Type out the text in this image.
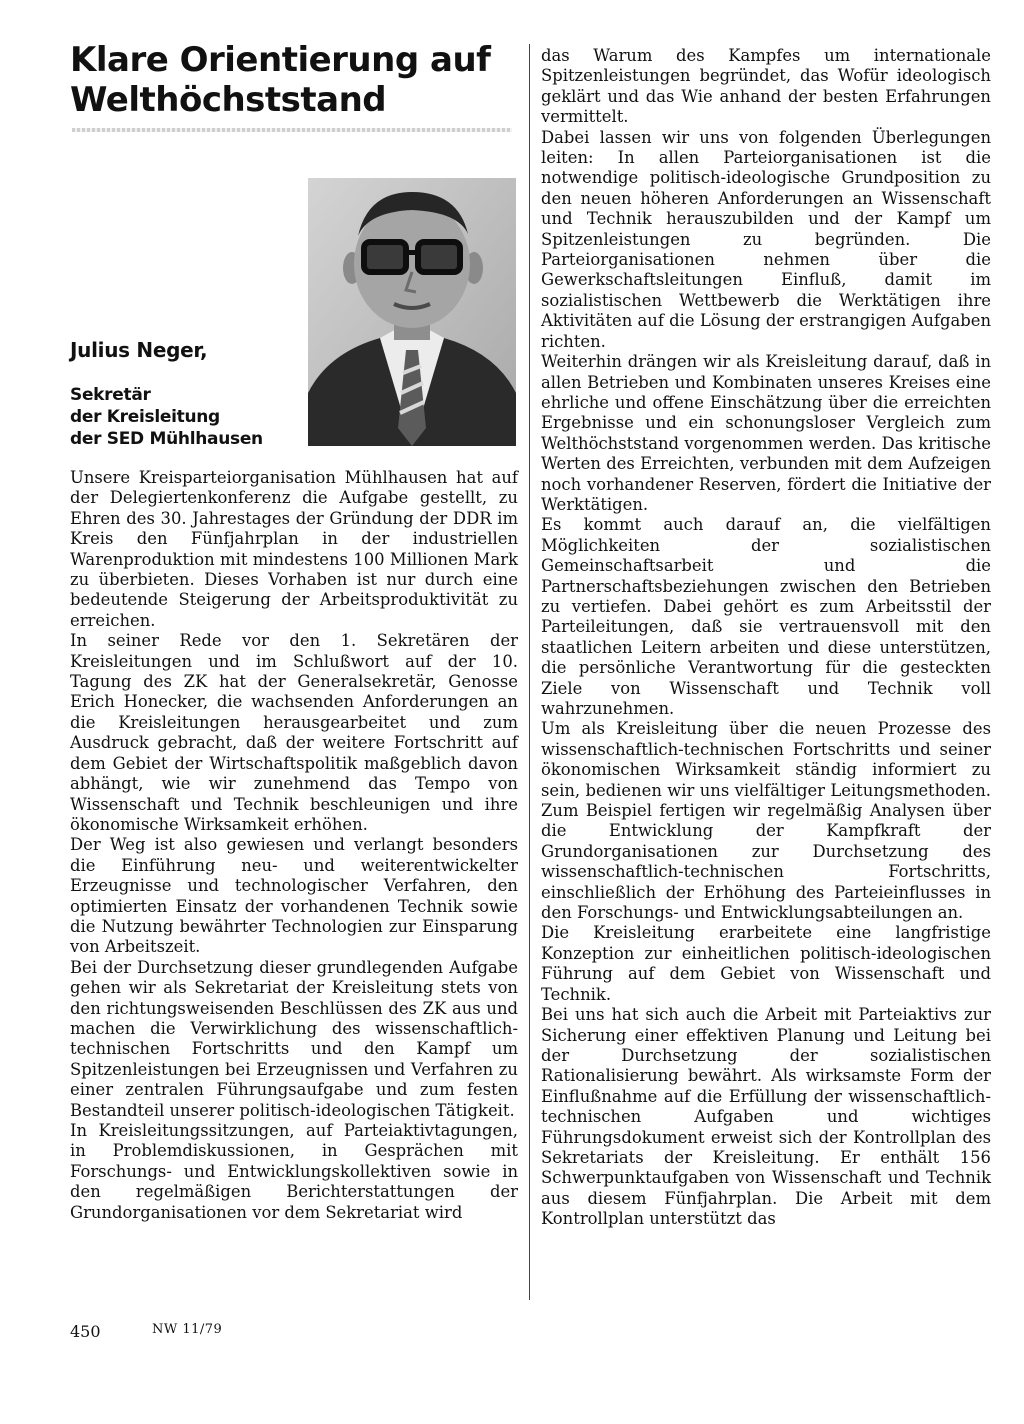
Klare Orientierung auf Welthöchststand
Julius Neger,
Sekretär
der Kreisleitung
der SED Mühlhausen

Unsere Kreisparteiorganisation Mühlhausen hat auf der Delegiertenkonferenz die Aufgabe gestellt, zu Ehren des 30. Jahrestages der Gründung der DDR im Kreis den Fünfjahrplan in der industriellen Warenproduktion mit mindestens 100 Millionen Mark zu überbieten. Dieses Vorhaben ist nur durch eine bedeutende Steigerung der Arbeitsproduktivität zu erreichen.

In seiner Rede vor den 1. Sekretären der Kreisleitungen und im Schlußwort auf der 10. Tagung des ZK hat der Generalsekretär, Genosse Erich Honecker, die wachsenden Anforderungen an die Kreisleitungen herausgearbeitet und zum Ausdruck gebracht, daß der weitere Fortschritt auf dem Gebiet der Wirtschaftspolitik maßgeblich davon abhängt, wie wir zunehmend das Tempo von Wissenschaft und Technik beschleunigen und ihre ökonomische Wirksamkeit erhöhen.

Der Weg ist also gewiesen und verlangt besonders die Einführung neu- und weiterentwickelter Erzeugnisse und technologischer Verfahren, den optimierten Einsatz der vorhandenen Technik sowie die Nutzung bewährter Technologien zur Einsparung von Arbeitszeit.

Bei der Durchsetzung dieser grundlegenden Aufgabe gehen wir als Sekretariat der Kreisleitung stets von den richtungsweisenden Beschlüssen des ZK aus und machen die Verwirklichung des wissenschaftlich-technischen Fortschritts und den Kampf um Spitzenleistungen bei Erzeugnissen und Verfahren zu einer zentralen Führungsaufgabe und zum festen Bestandteil unserer politisch-ideologischen Tätigkeit.

In Kreisleitungssitzungen, auf Parteiaktivtagungen, in Problemdiskussionen, in Gesprächen mit Forschungs- und Entwicklungskollektiven sowie in den regelmäßigen Berichterstattungen der Grundorganisationen vor dem Sekretariat wird

das Warum des Kampfes um internationale Spitzenleistungen begründet, das Wofür ideologisch geklärt und das Wie anhand der besten Erfahrungen vermittelt.

Dabei lassen wir uns von folgenden Überlegungen leiten: In allen Parteiorganisationen ist die notwendige politisch-ideologische Grundposition zu den neuen höheren Anforderungen an Wissenschaft und Technik herauszubilden und der Kampf um Spitzenleistungen zu begründen. Die Parteiorganisationen nehmen über die Gewerkschaftsleitungen Einfluß, damit im sozialistischen Wettbewerb die Werktätigen ihre Aktivitäten auf die Lösung der erstrangigen Aufgaben richten.

Weiterhin drängen wir als Kreisleitung darauf, daß in allen Betrieben und Kombinaten unseres Kreises eine ehrliche und offene Einschätzung über die erreichten Ergebnisse und ein schonungsloser Vergleich zum Welthöchststand vorgenommen werden. Das kritische Werten des Erreichten, verbunden mit dem Aufzeigen noch vorhandener Reserven, fördert die Initiative der Werktätigen.

Es kommt auch darauf an, die vielfältigen Möglichkeiten der sozialistischen Gemeinschaftsarbeit und die Partnerschaftsbeziehungen zwischen den Betrieben zu vertiefen. Dabei gehört es zum Arbeitsstil der Parteileitungen, daß sie vertrauensvoll mit den staatlichen Leitern arbeiten und diese unterstützen, die persönliche Verantwortung für die gesteckten Ziele von Wissenschaft und Technik voll wahrzunehmen.

Um als Kreisleitung über die neuen Prozesse des wissenschaftlich-technischen Fortschritts und seiner ökonomischen Wirksamkeit ständig informiert zu sein, bedienen wir uns vielfältiger Leitungsmethoden. Zum Beispiel fertigen wir regelmäßig Analysen über die Entwicklung der Kampfkraft der Grundorganisationen zur Durchsetzung des wissenschaftlich-technischen Fortschritts, einschließlich der Erhöhung des Parteieinflusses in den Forschungs- und Entwicklungsabteilungen an.

Die Kreisleitung erarbeitete eine langfristige Konzeption zur einheitlichen politisch-ideologischen Führung auf dem Gebiet von Wissenschaft und Technik.

Bei uns hat sich auch die Arbeit mit Parteiaktivs zur Sicherung einer effektiven Planung und Leitung bei der Durchsetzung der sozialistischen Rationalisierung bewährt. Als wirksamste Form der Einflußnahme auf die Erfüllung der wissenschaftlich-technischen Aufgaben und wichtiges Führungsdokument erweist sich der Kontrollplan des Sekretariats der Kreisleitung. Er enthält 156 Schwerpunktaufgaben von Wissenschaft und Technik aus diesem Fünfjahrplan. Die Arbeit mit dem Kontrollplan unterstützt das

450	NW 11/79
